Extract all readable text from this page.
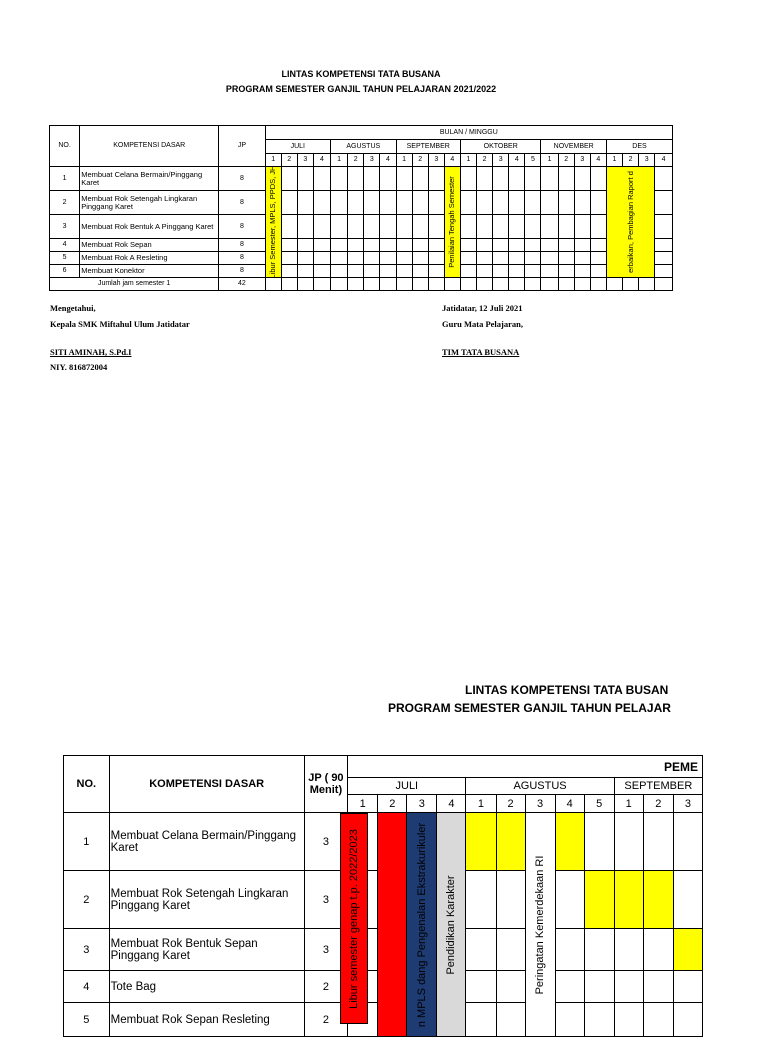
LINTAS KOMPETENSI TATA BUSANA
PROGRAM SEMESTER GANJIL TAHUN PELAJARAN 2021/2022
NO.	KOMPETENSI DASAR	JP	BULAN / MINGGU																								
			JULI				AGUSTUS				SEPTEMBER				OKTOBER					NOVEMBER				DES			
			1	2	3	4	1	2	3	4	1	2	3	4	1	2	3	4	5	1	2	3	4	1	2	3	4
1	Membuat Celana Bermain/Pinggang Karet	8	Libur Semester, MPLS, PPDS, JH											Penilaian Tengah Semester										erbaikan, Pembagian Raport d			

2	Membuat Rok Setengah Lingkaran Pinggang Karet	8																									
3	Membuat Rok Bentuk A Pinggang Karet	8																									
4	Membuat Rok Sepan	8																									
5	Membuat Rok A Resleting	8																									
6	Membuat Konektor	8																									
Jumlah jam semester 1		42																									
Mengetahui,
Kepala SMK Miftahul Ulum Jatidatar
SITI AMINAH, S.Pd.I
NIY. 816872004
Jatidatar, 12 Juli 2021
Guru Mata Pelajaran,
TIM TATA BUSANA
LINTAS KOMPETENSI TATA BUSAN
PROGRAM SEMESTER GANJIL TAHUN PELAJAR
NO.	KOMPETENSI DASAR	JP ( 90 Menit)	PEME											
			JULI				AGUSTUS					SEPTEMBER		
			1	2	3	4	1	2	3	4	5	1	2	3
1	Membuat Celana Bermain/Pinggang Karet	3			n MPLS dang Pengenalan Ekstrakurikuler	Pendidikan Karakter			Peringatan Kemerdekaan RI					

2	Membuat Rok Setengah Lingkaran Pinggang Karet	3												
3	Membuat Rok Bentuk Sepan Pinggang Karet	3												
4	Tote Bag	2												
5	Membuat Rok Sepan Resleting	2												
Libur semester genap t.p. 2022/2023
